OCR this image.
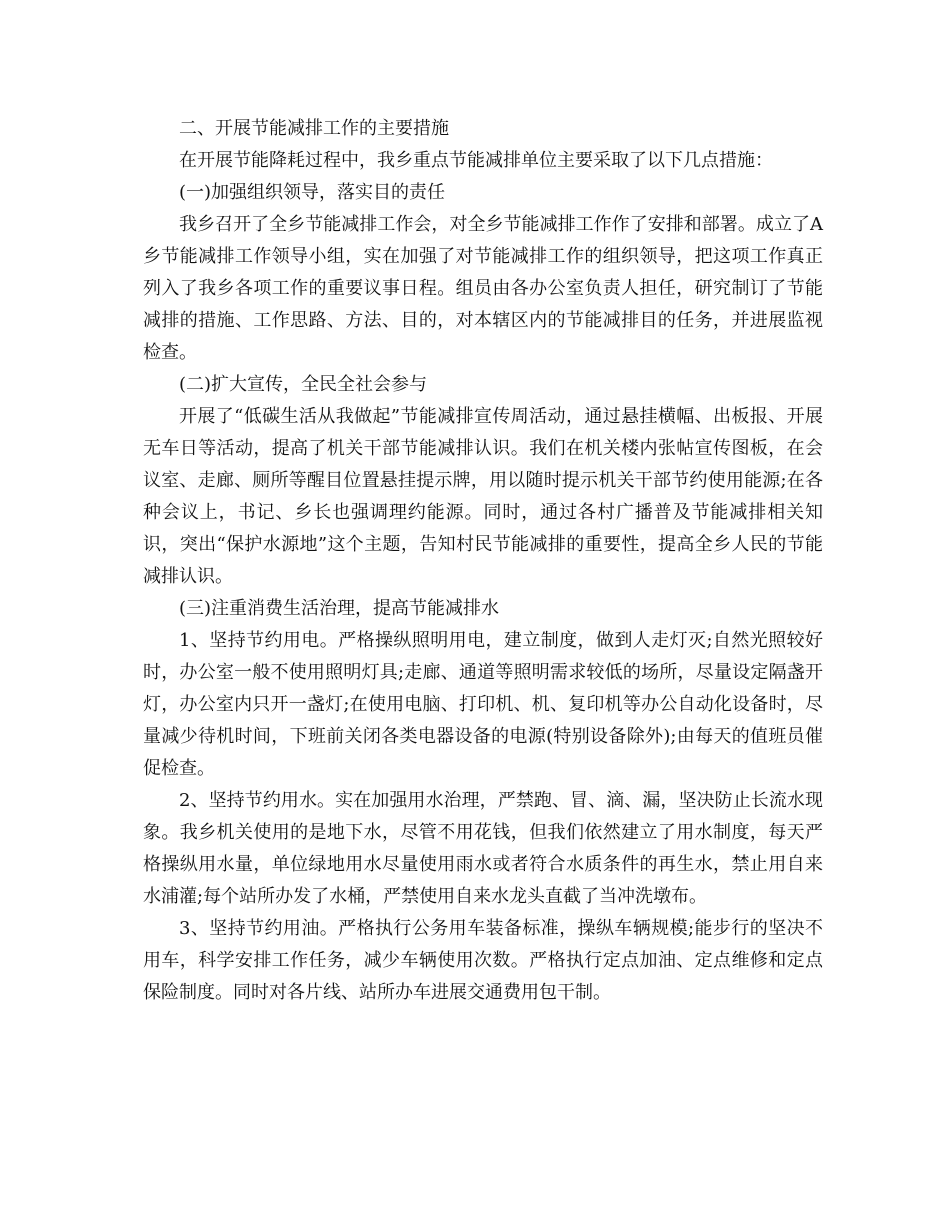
二、开展节能减排工作的主要措施

在开展节能降耗过程中，我乡重点节能减排单位主要采取了以下几点措施：

(一)加强组织领导，落实目的责任

我乡召开了全乡节能减排工作会，对全乡节能减排工作作了安排和部署。成立了A乡节能减排工作领导小组，实在加强了对节能减排工作的组织领导，把这项工作真正列入了我乡各项工作的重要议事日程。组员由各办公室负责人担任，研究制订了节能减排的措施、工作思路、方法、目的，对本辖区内的节能减排目的任务，并进展监视检查。

(二)扩大宣传，全民全社会参与

开展了“低碳生活从我做起”节能减排宣传周活动，通过悬挂横幅、出板报、开展无车日等活动，提高了机关干部节能减排认识。我们在机关楼内张帖宣传图板，在会议室、走廊、厕所等醒目位置悬挂提示牌，用以随时提示机关干部节约使用能源;在各种会议上，书记、乡长也强调理约能源。同时，通过各村广播普及节能减排相关知识，突出“保护水源地”这个主题，告知村民节能减排的重要性，提高全乡人民的节能减排认识。

(三)注重消费生活治理，提高节能减排水

1、坚持节约用电。严格操纵照明用电，建立制度，做到人走灯灭;自然光照较好时，办公室一般不使用照明灯具;走廊、通道等照明需求较低的场所，尽量设定隔盏开灯，办公室内只开一盏灯;在使用电脑、打印机、机、复印机等办公自动化设备时，尽量减少待机时间，下班前关闭各类电器设备的电源(特别设备除外);由每天的值班员催促检查。

2、坚持节约用水。实在加强用水治理，严禁跑、冒、滴、漏，坚决防止长流水现象。我乡机关使用的是地下水，尽管不用花钱，但我们依然建立了用水制度，每天严格操纵用水量，单位绿地用水尽量使用雨水或者符合水质条件的再生水，禁止用自来水浦灌;每个站所办发了水桶，严禁使用自来水龙头直截了当冲洗墩布。

3、坚持节约用油。严格执行公务用车装备标准，操纵车辆规模;能步行的坚决不用车，科学安排工作任务，减少车辆使用次数。严格执行定点加油、定点维修和定点保险制度。同时对各片线、站所办车进展交通费用包干制。
